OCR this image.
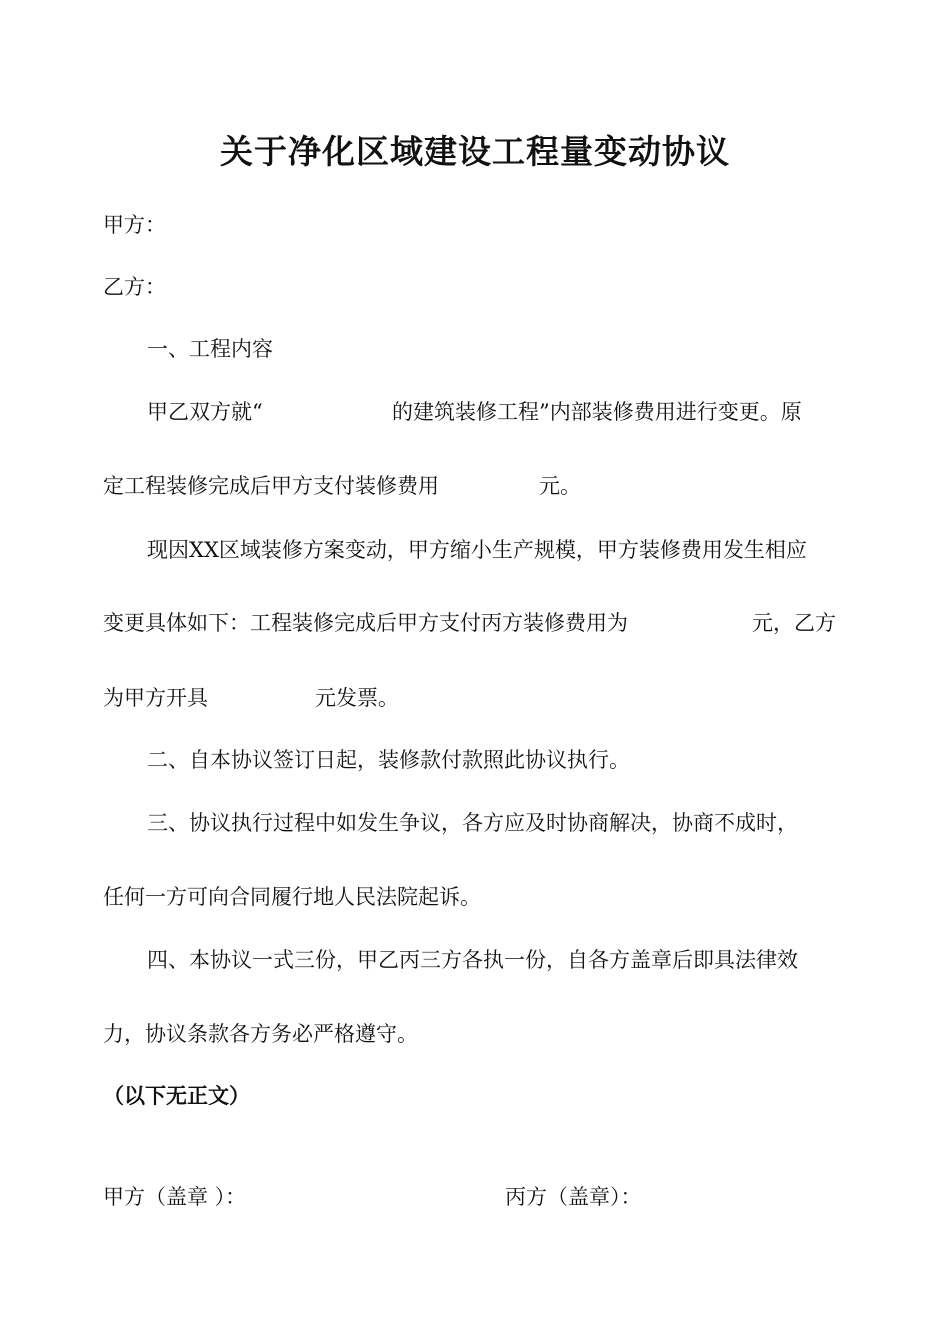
关于净化区域建设工程量变动协议

甲方：

乙方：

一、工程内容

甲乙双方就“	的建筑装修工程”内部装修费用进行变更。原

定工程装修完成后甲方支付装修费用	元。

现因XX区域装修方案变动，甲方缩小生产规模，甲方装修费用发生相应

变更具体如下：工程装修完成后甲方支付丙方装修费用为	元，乙方

为甲方开具	元发票。

二、自本协议签订日起，装修款付款照此协议执行。

三、协议执行过程中如发生争议，各方应及时协商解决，协商不成时，

任何一方可向合同履行地人民法院起诉。

四、本协议一式三份，甲乙丙三方各执一份，自各方盖章后即具法律效

力，协议条款各方务必严格遵守。

（以下无正文）

甲方（盖章 ）：	丙方（盖章）：
